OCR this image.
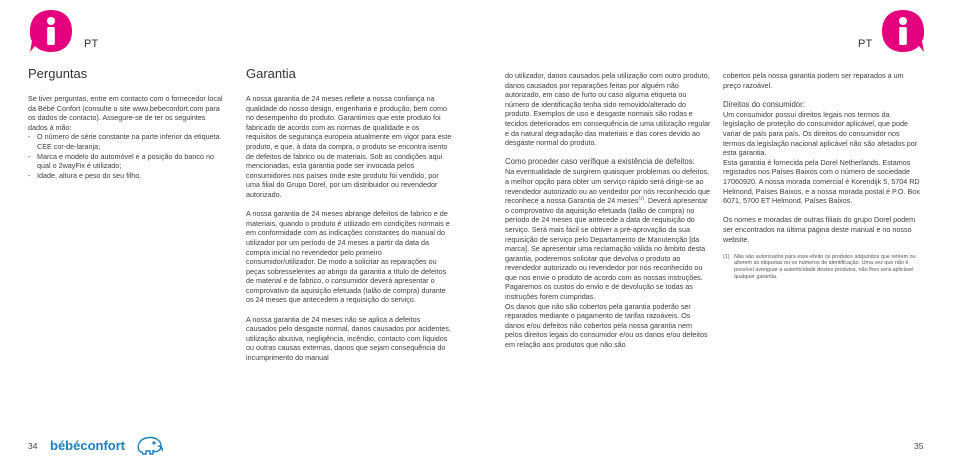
PT	PT
Perguntas

Se tiver perguntas, entre em contacto com o fornecedor local da Bébé Confort (consulte o site www.bebeconfort.com para os dados de contacto). Assegure-se de ter os seguintes dados à mão:

- O número de série constante na parte inferior da etiqueta CEE cor-de-laranja;
- Marca e modelo do automóvel e a posição do banco no qual o 2wayFix é utilizado;
- Idade, altura e peso do seu filho.
Garantia

A nossa garantia de 24 meses reflete a nossa confiança na qualidade do nosso design, engenharia e produção, bem como no desempenho do produto. Garantimos que este produto foi fabricado de acordo com as normas de qualidade e os requisitos de segurança europeia atualmente em vigor para este produto, e que, à data da compra, o produto se encontra isento de defeitos de fabrico ou de materiais. Sob as condições aqui mencionadas, esta garantia pode ser invocada pelos consumidores nos países onde este produto foi vendido, por uma filial do Grupo Dorel, por um distribuidor ou revendedor autorizado.

A nossa garantia de 24 meses abrange defeitos de fabrico e de materiais, quando o produto é utilizado em condições normais e em conformidade com as indicações constantes do manual do utilizador por um período de 24 meses a partir da data da compra inicial no revendedor pelo primeiro consumidor/utilizador. De modo a solicitar as reparações ou peças sobresselentes ao abrigo da garantia a título de defeitos de material e de fabrico, o consumidor deverá apresentar o comprovativo da aquisição efetuada (talão de compra) durante os 24 meses que antecedem a requisição do serviço.

A nossa garantia de 24 meses não se aplica a defeitos causados pelo desgaste normal, danos causados por acidentes, utilização abusiva, negligência, incêndio, contacto com líquidos ou outras causas externas, danos que sejam consequência do incumprimento do manual

do utilizador, danos causados pela utilização com outro produto, danos causados por reparações feitas por alguém não autorizado, em caso de furto ou caso alguma etiqueta ou número de identificação tenha sido removido/alterado do produto. Exemplos de uso e desgaste normais são rodas e tecidos deteriorados em consequência de uma utilização regular e da natural degradação das materiais e das cores devido ao desgaste normal do produto.

Como proceder caso verifique a existência de defeitos:

Na eventualidade de surgirem quaisquer problemas ou defeitos, a melhor opção para obter um serviço rápido será dirigir-se ao revendedor autorizado ou ao vendedor por nós reconhecido que reconhece a nossa Garantia de 24 meses$^{(1)}$. Deverá apresentar o comprovativo da aquisição efetuada (talão de compra) no período de 24 meses que antecede a data de requisição do serviço. Será mais fácil se obtiver a pré-aprovação da sua requisição de serviço pelo Departamento de Manutenção [da marca]. Se apresentar uma reclamação válida no âmbito desta garantia, poderemos solicitar que devolva o produto ao revendedor autorizado ou revendedor por nós reconhecido ou que nos envie o produto de acordo com as nossas instruções. Pagaremos os custos do envio e de devolução se todas as instruções forem cumpridas.

Os danos que não são cobertos pela garantia poderão ser reparados mediante o pagamento de tarifas razoáveis. Os danos e/ou defeitos não cobertos pela nossa garantia nem pelos direitos legais do consumidor e/ou os danos e/ou defeitos em relação aos produtos que não são

cobertos pela nossa garantia podem ser reparados a um preço razoável.

Direitos do consumidor:

Um consumidor possui direitos legais nos termos da legislação de proteção do consumidor aplicável, que pode variar de país para país. Os direitos do consumidor nos termos da legislação nacional aplicável não são afetados por esta garantia.

Esta garantia é fornecida pela Dorel Netherlands. Estamos registados nos Países Baixos com o número de sociedade 17060920. A nossa morada comercial é Korendijk 5, 5704 RD Helmond, Países Baixos, e a nossa morada postal é P.O. Box 6071, 5700 ET Helmond, Países Baixos.

Os nomes e moradas de outras filiais do grupo Dorel podem ser encontrados na última página deste manual e no nosso website.

(1) Não são autorizados para esse efeito os produtos adquiridos que retirem ou alterem as etiquetas ou os números de identificação. Uma vez que não é possível averiguar a autenticidade destes produtos, não lhes será aplicável qualquer garantia.
34 bébéconfort	35
